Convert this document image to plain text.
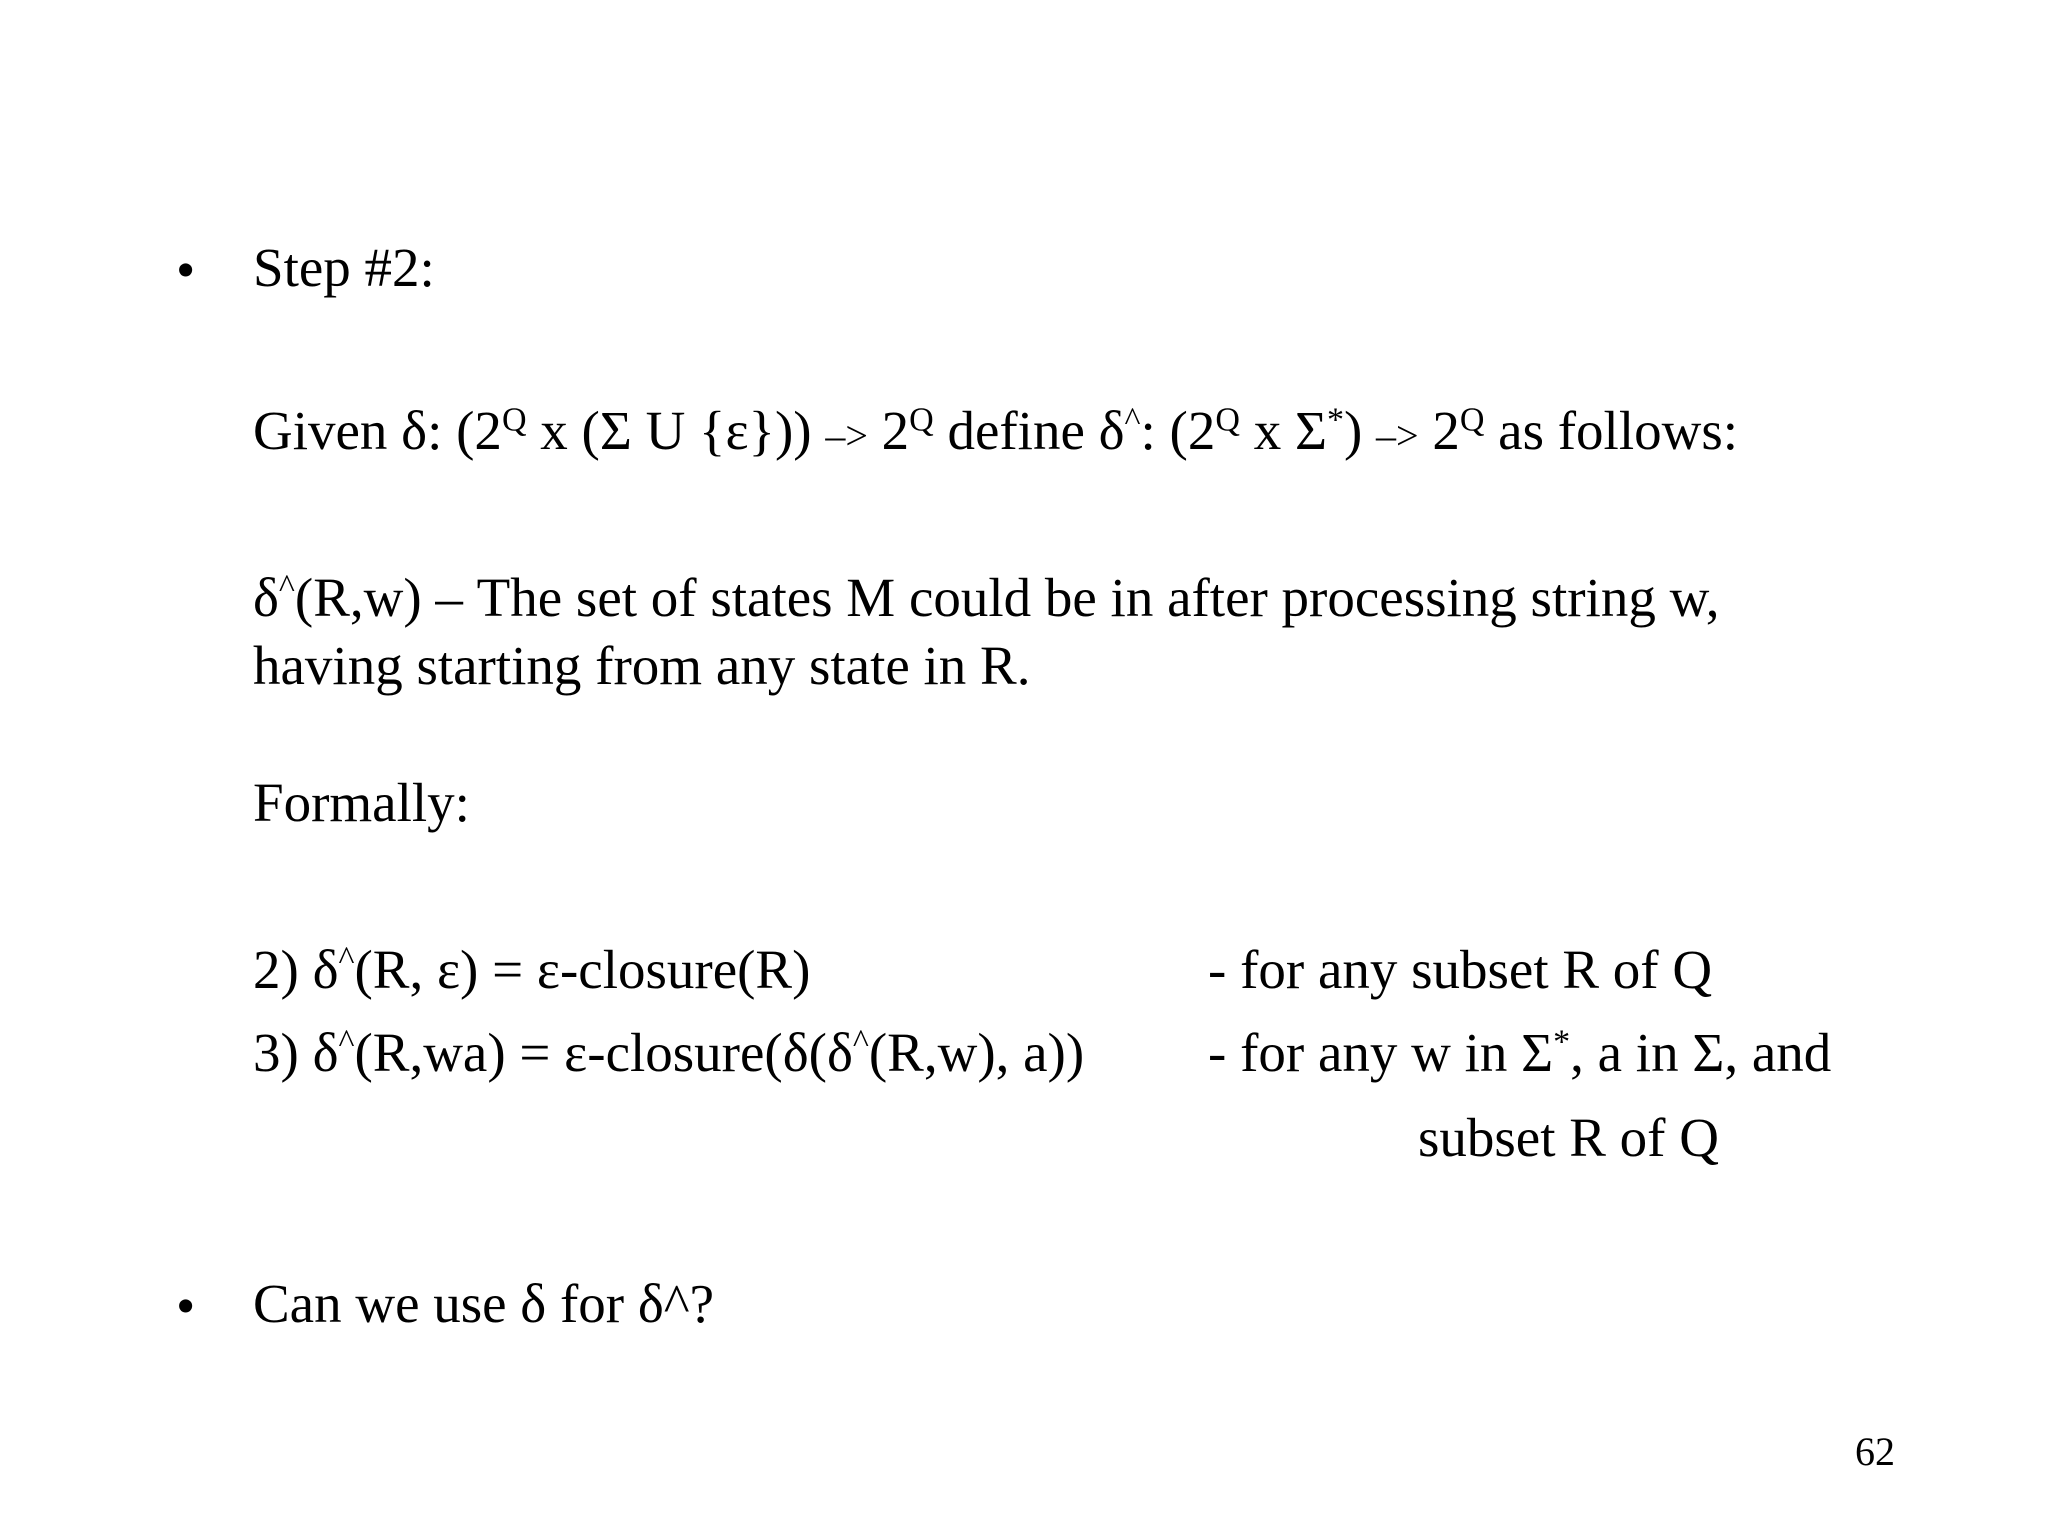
• Step #2:
Given δ: ($2^Q$ x (Σ U $\{\varepsilon\})) -> 2^Q$ define δ^: ($2^Q$ x $\Sigma^*) -> 2^Q$ as follows:
δ^(R,w) – The set of states M could be in after processing string w,
having starting from any state in R.
Formally:
2) δ^(R, ε) = ε-closure(R)	- for any subset R of Q
3) δ^(R,wa) = ε-closure(δ(δ^(R,w), a)) - for any w in Σ*, a in Σ, and
subset R of Q
• Can we use δ for δ^?
62
